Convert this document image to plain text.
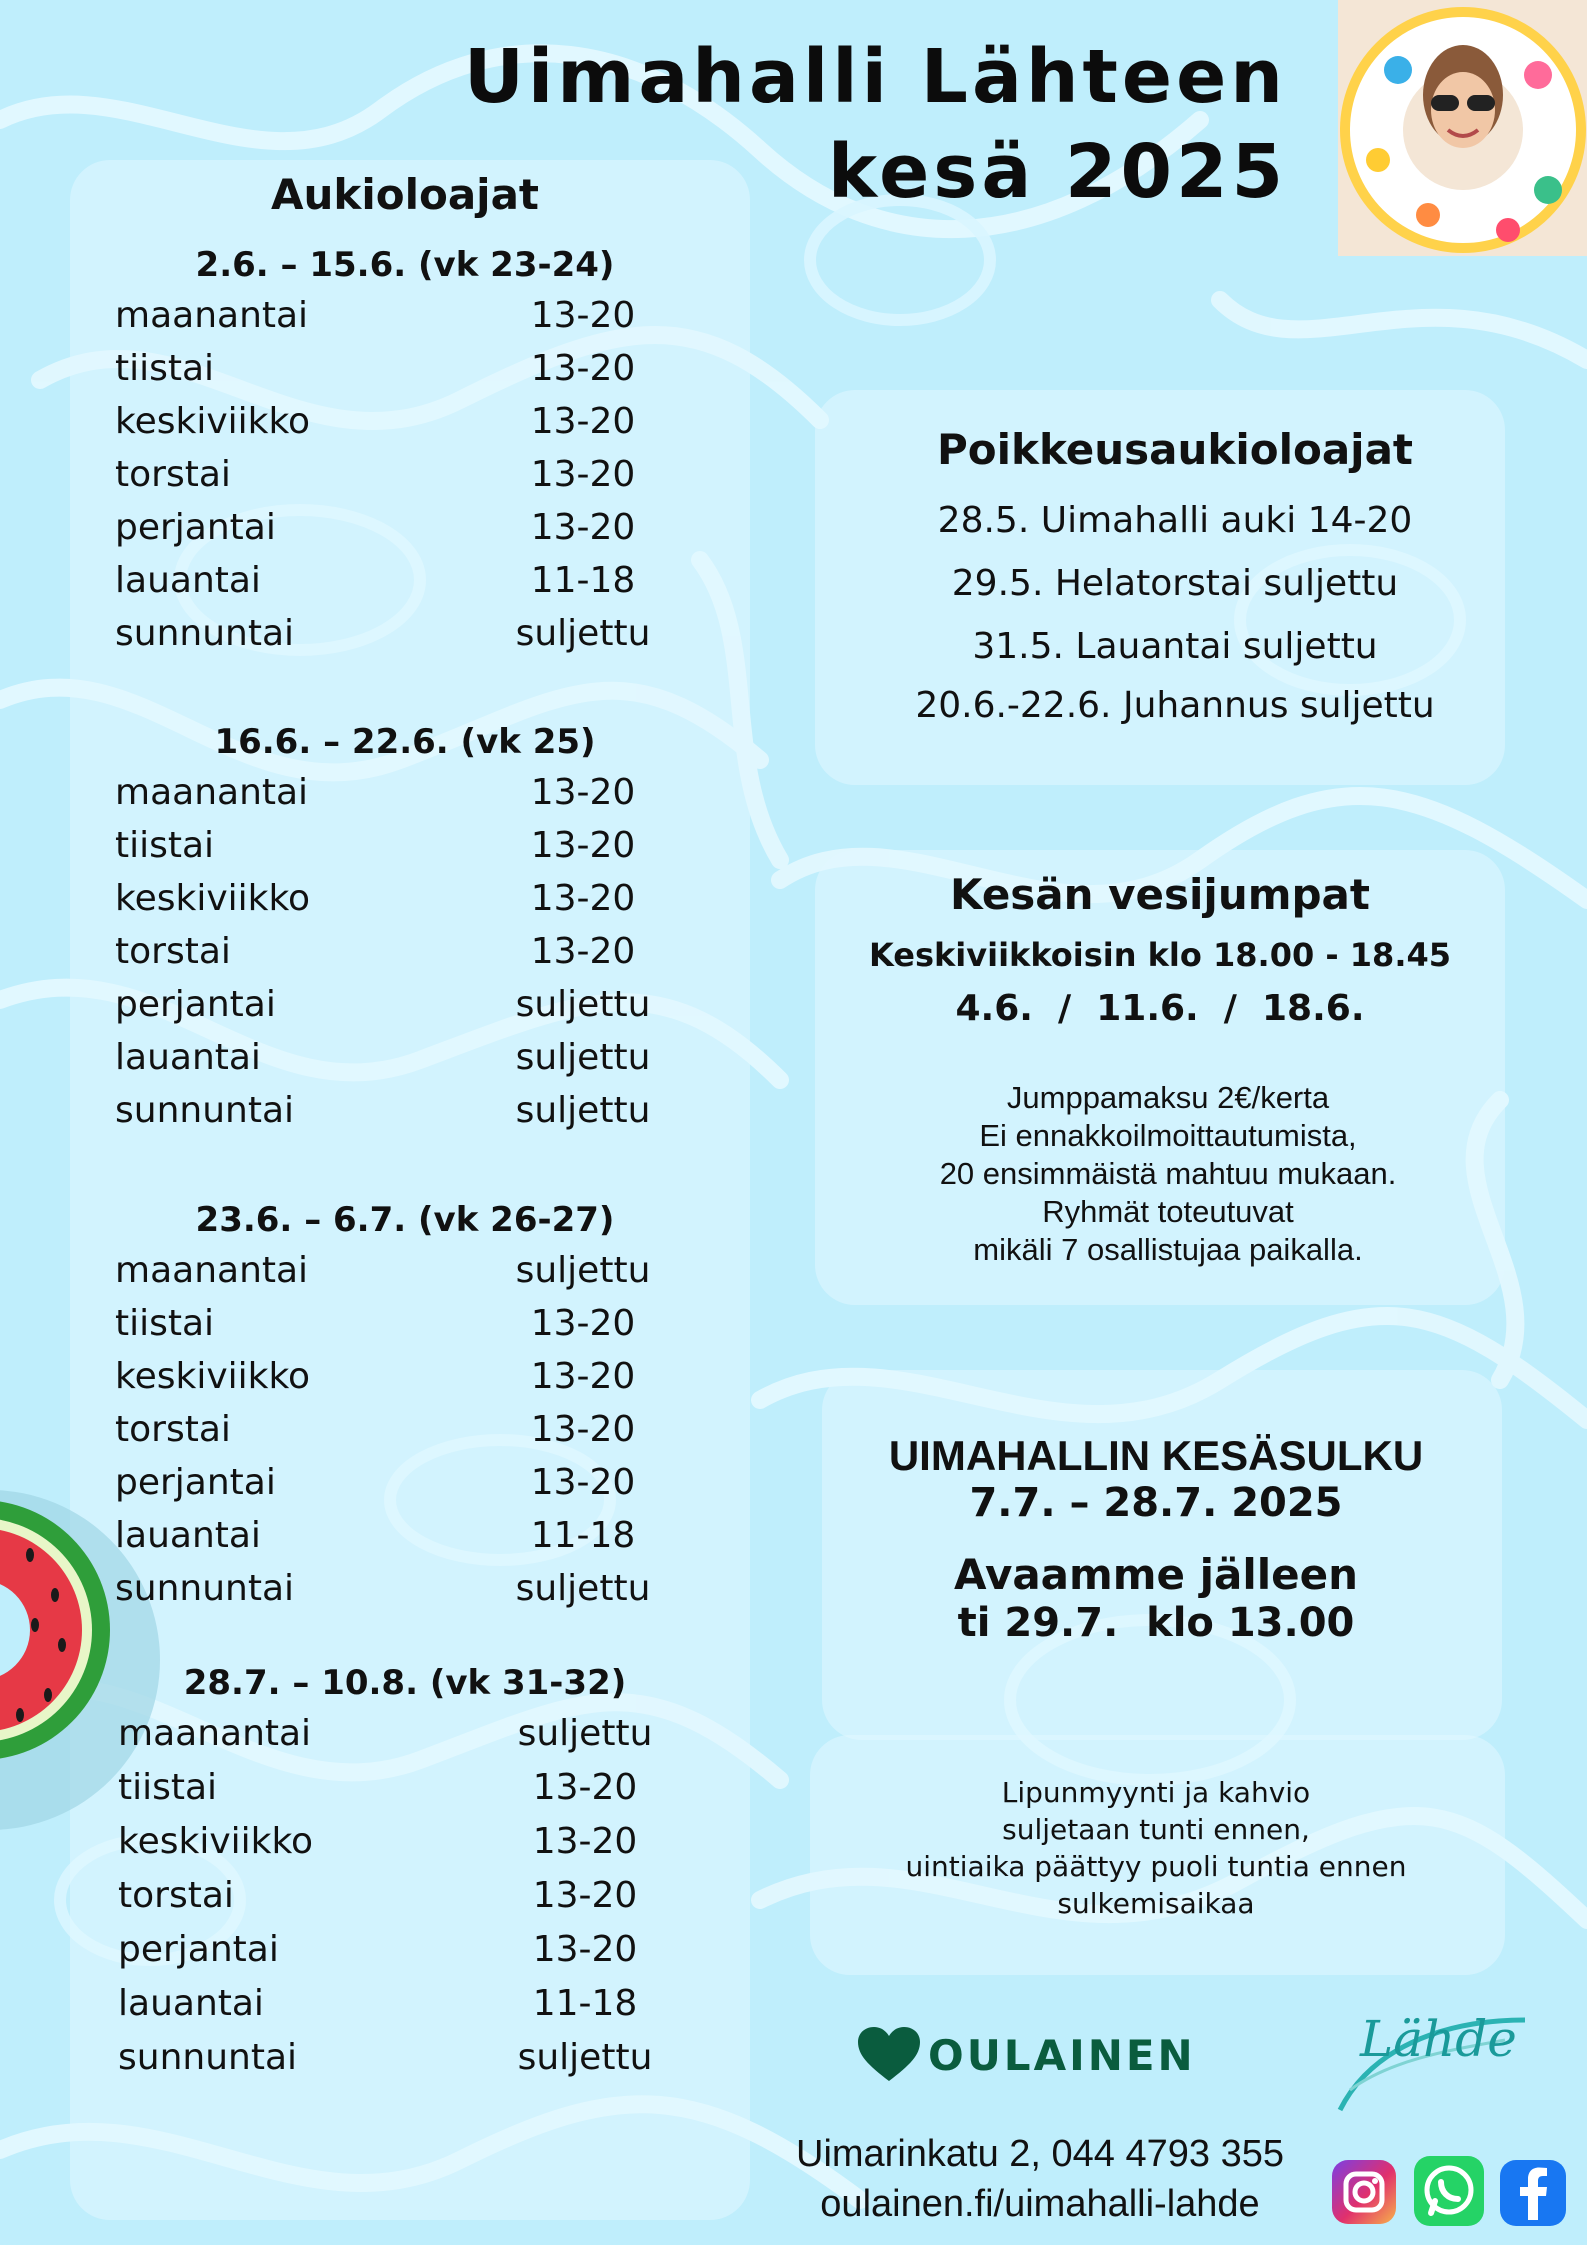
Uimahalli Lähteen
kesä 2025
Aukioloajat
2.6. – 15.6. (vk 23-24)
maanantai	13-20
tiistai	13-20
keskiviikko	13-20
torstai	13-20
perjantai	13-20
lauantai	11-18
sunnuntai	suljettu
16.6. – 22.6. (vk 25)
maanantai	13-20
tiistai	13-20
keskiviikko	13-20
torstai	13-20
perjantai	suljettu
lauantai	suljettu
sunnuntai	suljettu
23.6. – 6.7. (vk 26-27)
maanantai	suljettu
tiistai	13-20
keskiviikko	13-20
torstai	13-20
perjantai	13-20
lauantai	11-18
sunnuntai	suljettu
28.7. – 10.8. (vk 31-32)
maanantai	suljettu
tiistai	13-20
keskiviikko	13-20
torstai	13-20
perjantai	13-20
lauantai	11-18
sunnuntai	suljettu
Poikkeusaukioloajat
28.5. Uimahalli auki 14-20
29.5. Helatorstai suljettu
31.5. Lauantai suljettu
20.6.-22.6. Juhannus suljettu
Kesän vesijumpat
Keskiviikkoisin klo 18.00 - 18.45
4.6.  /  11.6.  /  18.6.
Jumppamaksu 2€/kerta
Ei ennakkoilmoittautumista,
20 ensimmäistä mahtuu mukaan.
Ryhmät toteutuvat
mikäli 7 osallistujaa paikalla.
UIMAHALLIN KESÄSULKU
7.7. – 28.7. 2025
Avaamme jälleen
ti 29.7.  klo 13.00
Lipunmyynti ja kahvio
suljetaan tunti ennen,
uintiaika päättyy puoli tuntia ennen
sulkemisaikaa
OULAINEN	Lähde
Uimarinkatu 2, 044 4793 355
oulainen.fi/uimahalli-lahde
